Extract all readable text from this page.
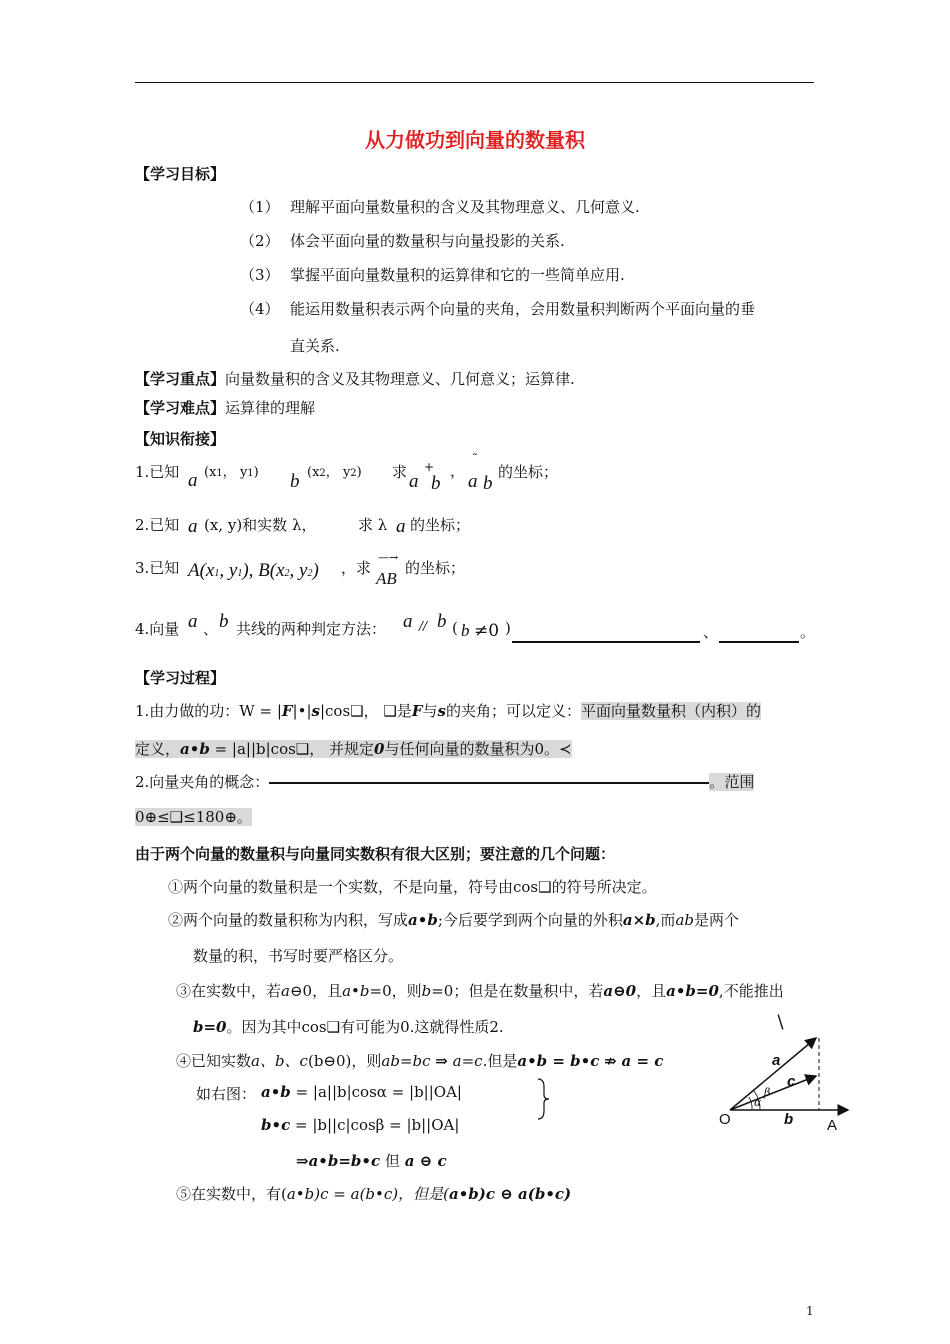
从力做功到向量的数量积
【学习目标】
（1） 理解平面向量数量积的含义及其物理意义、几何意义.
（2） 体会平面向量的数量积与向量投影的关系.
（3） 掌握平面向量数量积的运算律和它的一些简单应用.
（4） 能运用数量积表示两个向量的夹角，会用数量积判断两个平面向量的垂
直关系.
【学习重点】向量数量积的含义及其物理意义、几何意义；运算律.
【学习难点】运算律的理解
【知识衔接】
1.已知 a (x1， y1) b (x2， y2) 求 a
+
b
，
˜
a b
的坐标；
2.已知 a (x, y)和实数 λ，	求 λ a 的坐标；
3.已知 A(x1, y1), B(x2, y2) ，求
—→
AB
的坐标；
4.向量 a 、 b 共线的两种判定方法： a // b ( b ≠0 )	、	。
【学习过程】
1.由力做的功：W = |F|•|s|cos❑， ❑是F与s的夹角；可以定义：平面向量数量积（内积）的
定义，a•b = |a||b|cos❑， 并规定0与任何向量的数量积为0。≺
2.向量夹角的概念：	。范围
0⊕≤❑≤180⊕。
由于两个向量的数量积与向量同实数积有很大区别；要注意的几个问题：
①两个向量的数量积是一个实数，不是向量，符号由cos❑的符号所决定。
②两个向量的数量积称为内积，写成a•b;今后要学到两个向量的外积a×b,而ab是两个
数量的积，书写时要严格区分。
③在实数中，若a⊖0，且a•b=0，则b=0；但是在数量积中，若a⊖0，且a•b=0,不能推出
b=0。因为其中cos❑有可能为0.这就得性质2.
④已知实数a、b、c(b⊖0)，则ab=bc ⇒ a=c.但是a•b = b•c ⇏ a = c
如右图： a•b = |a||b|cosα = |b||OA|
b•c = |b||c|cosβ = |b||OA|
⇒a•b=b•c 但 a ⊖ c
⑤在实数中，有(a•b)c = a(b•c)，但是(a•b)c ⊖ a(b•c)
∖
a
c
β
α
b
O	A
1
